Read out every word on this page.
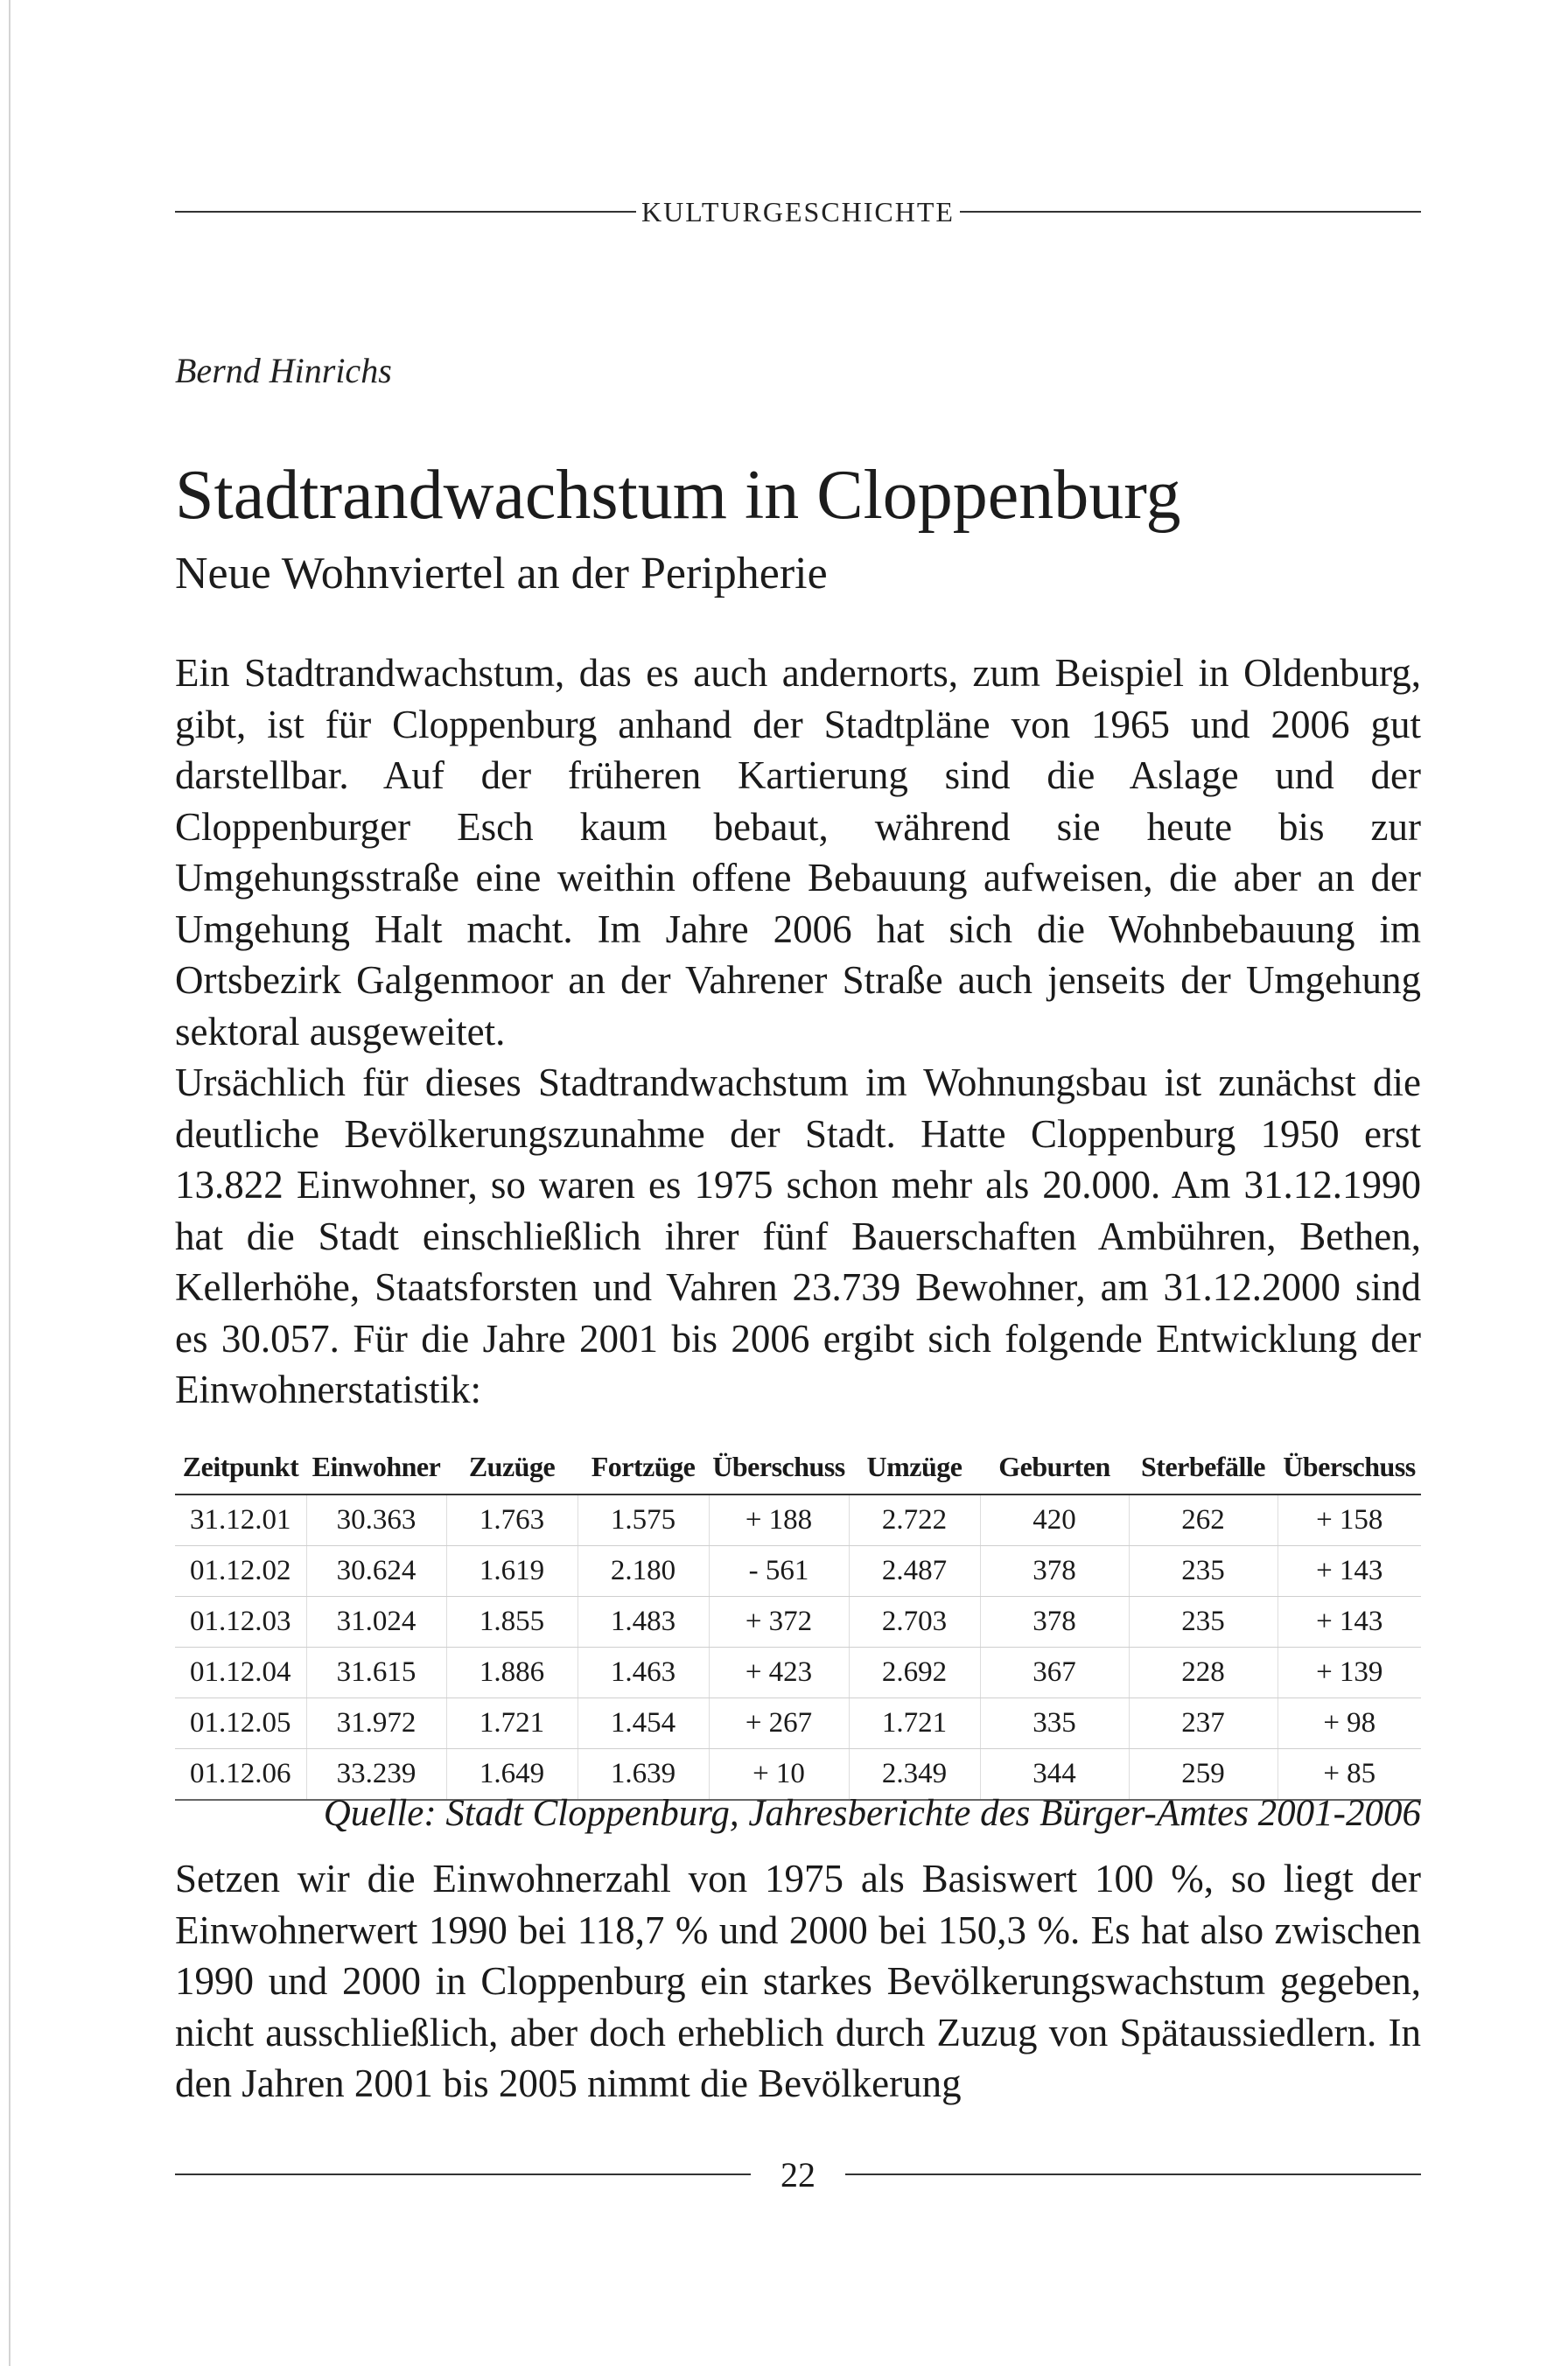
KULTURGESCHICHTE
Bernd Hinrichs
Stadtrandwachstum in Cloppenburg
Neue Wohnviertel an der Peripherie

Ein Stadtrandwachstum, das es auch andernorts, zum Beispiel in Oldenburg, gibt, ist für Cloppenburg anhand der Stadtpläne von 1965 und 2006 gut darstellbar. Auf der früheren Kartierung sind die Aslage und der Cloppenburger Esch kaum bebaut, während sie heute bis zur Umgehungsstraße eine weithin offene Bebauung aufweisen, die aber an der Umgehung Halt macht. Im Jahre 2006 hat sich die Wohnbebauung im Ortsbezirk Galgenmoor an der Vahrener Straße auch jenseits der Umgehung sektoral ausgeweitet.

Ursächlich für dieses Stadtrandwachstum im Wohnungsbau ist zunächst die deutliche Bevölkerungszunahme der Stadt. Hatte Cloppenburg 1950 erst 13.822 Einwohner, so waren es 1975 schon mehr als 20.000. Am 31.12.1990 hat die Stadt einschließlich ihrer fünf Bauerschaften Ambühren, Bethen, Kellerhöhe, Staatsforsten und Vahren 23.739 Bewohner, am 31.12.2000 sind es 30.057. Für die Jahre 2001 bis 2006 ergibt sich folgende Entwicklung der Einwohnerstatistik:

Zeitpunkt	Einwohner	Zuzüge	Fortzüge	Überschuss	Umzüge	Geburten	Sterbefälle	Überschuss
31.12.01	30.363	1.763	1.575	+ 188	2.722	420	262	+ 158
01.12.02	30.624	1.619	2.180	- 561	2.487	378	235	+ 143
01.12.03	31.024	1.855	1.483	+ 372	2.703	378	235	+ 143
01.12.04	31.615	1.886	1.463	+ 423	2.692	367	228	+ 139
01.12.05	31.972	1.721	1.454	+ 267	1.721	335	237	+ 98
01.12.06	33.239	1.649	1.639	+ 10	2.349	344	259	+ 85
Quelle: Stadt Cloppenburg, Jahresberichte des Bürger-Amtes 2001-2006

Setzen wir die Einwohnerzahl von 1975 als Basiswert 100 %, so liegt der Einwohnerwert 1990 bei 118,7 % und 2000 bei 150,3 %. Es hat also zwischen 1990 und 2000 in Cloppenburg ein starkes Bevölkerungswachstum gegeben, nicht ausschließlich, aber doch erheblich durch Zuzug von Spätaussiedlern. In den Jahren 2001 bis 2005 nimmt die Bevölkerung

22
